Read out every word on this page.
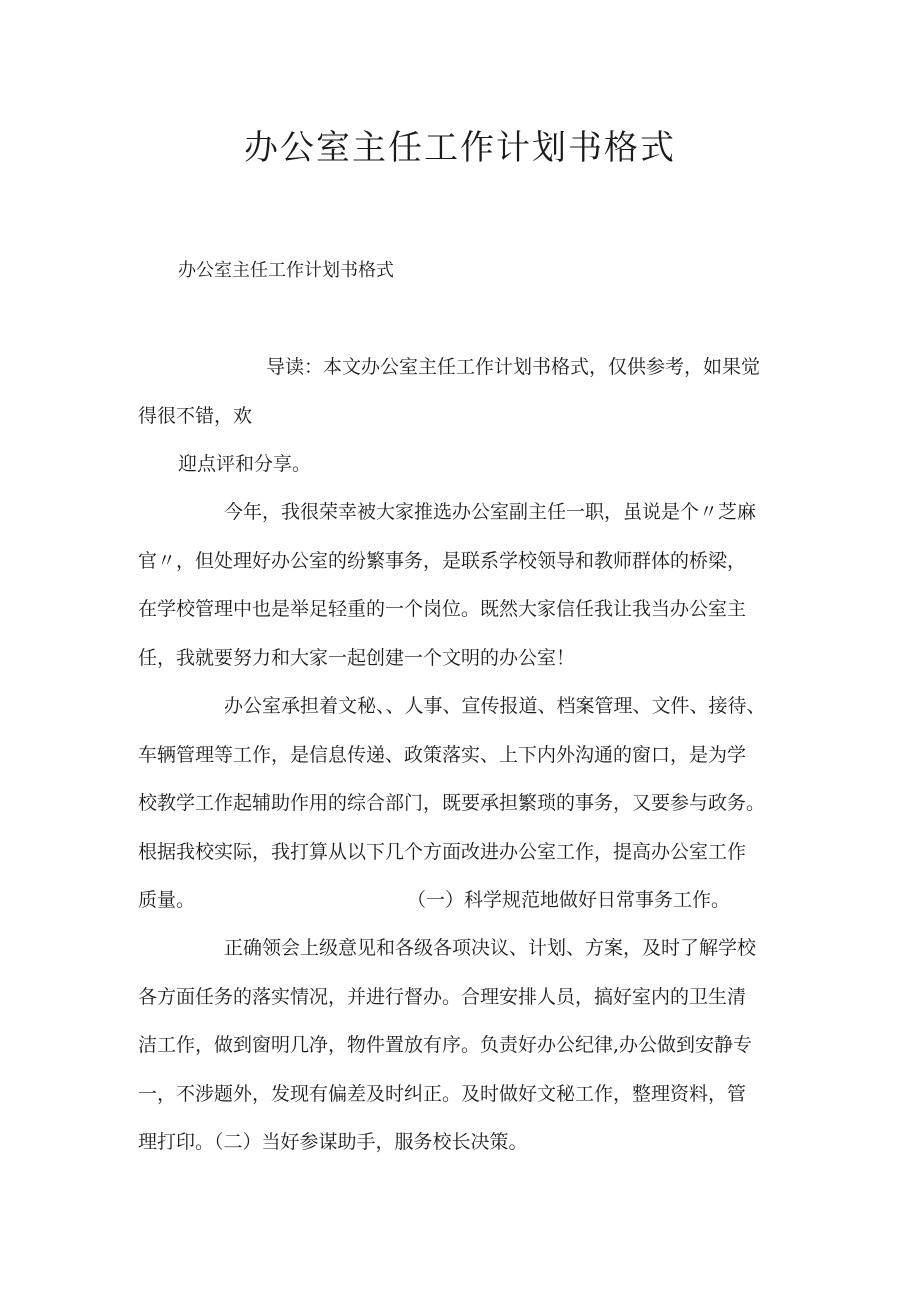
办公室主任工作计划书格式
办公室主任工作计划书格式
导读：本文办公室主任工作计划书格式，仅供参考，如果觉
得很不错，欢
迎点评和分享。
今年，我很荣幸被大家推选办公室副主任一职，虽说是个〃芝麻
官〃，但处理好办公室的纷繁事务，是联系学校领导和教师群体的桥梁，
在学校管理中也是举足轻重的一个岗位。既然大家信任我让我当办公室主
任，我就要努力和大家一起创建一个文明的办公室！
办公室承担着文秘、、人事、宣传报道、档案管理、文件、接待、
车辆管理等工作，是信息传递、政策落实、上下内外沟通的窗口，是为学
校教学工作起辅助作用的综合部门，既要承担繁琐的事务，又要参与政务。
根据我校实际，我打算从以下几个方面改进办公室工作，提高办公室工作
质量。	（一）科学规范地做好日常事务工作。
正确领会上级意见和各级各项决议、计划、方案，及时了解学校
各方面任务的落实情况，并进行督办。合理安排人员，搞好室内的卫生清
洁工作，做到窗明几净，物件置放有序。负责好办公纪律,办公做到安静专
一，不涉题外，发现有偏差及时纠正。及时做好文秘工作，整理资料，管
理打印。（二）当好参谋助手，服务校长决策。
